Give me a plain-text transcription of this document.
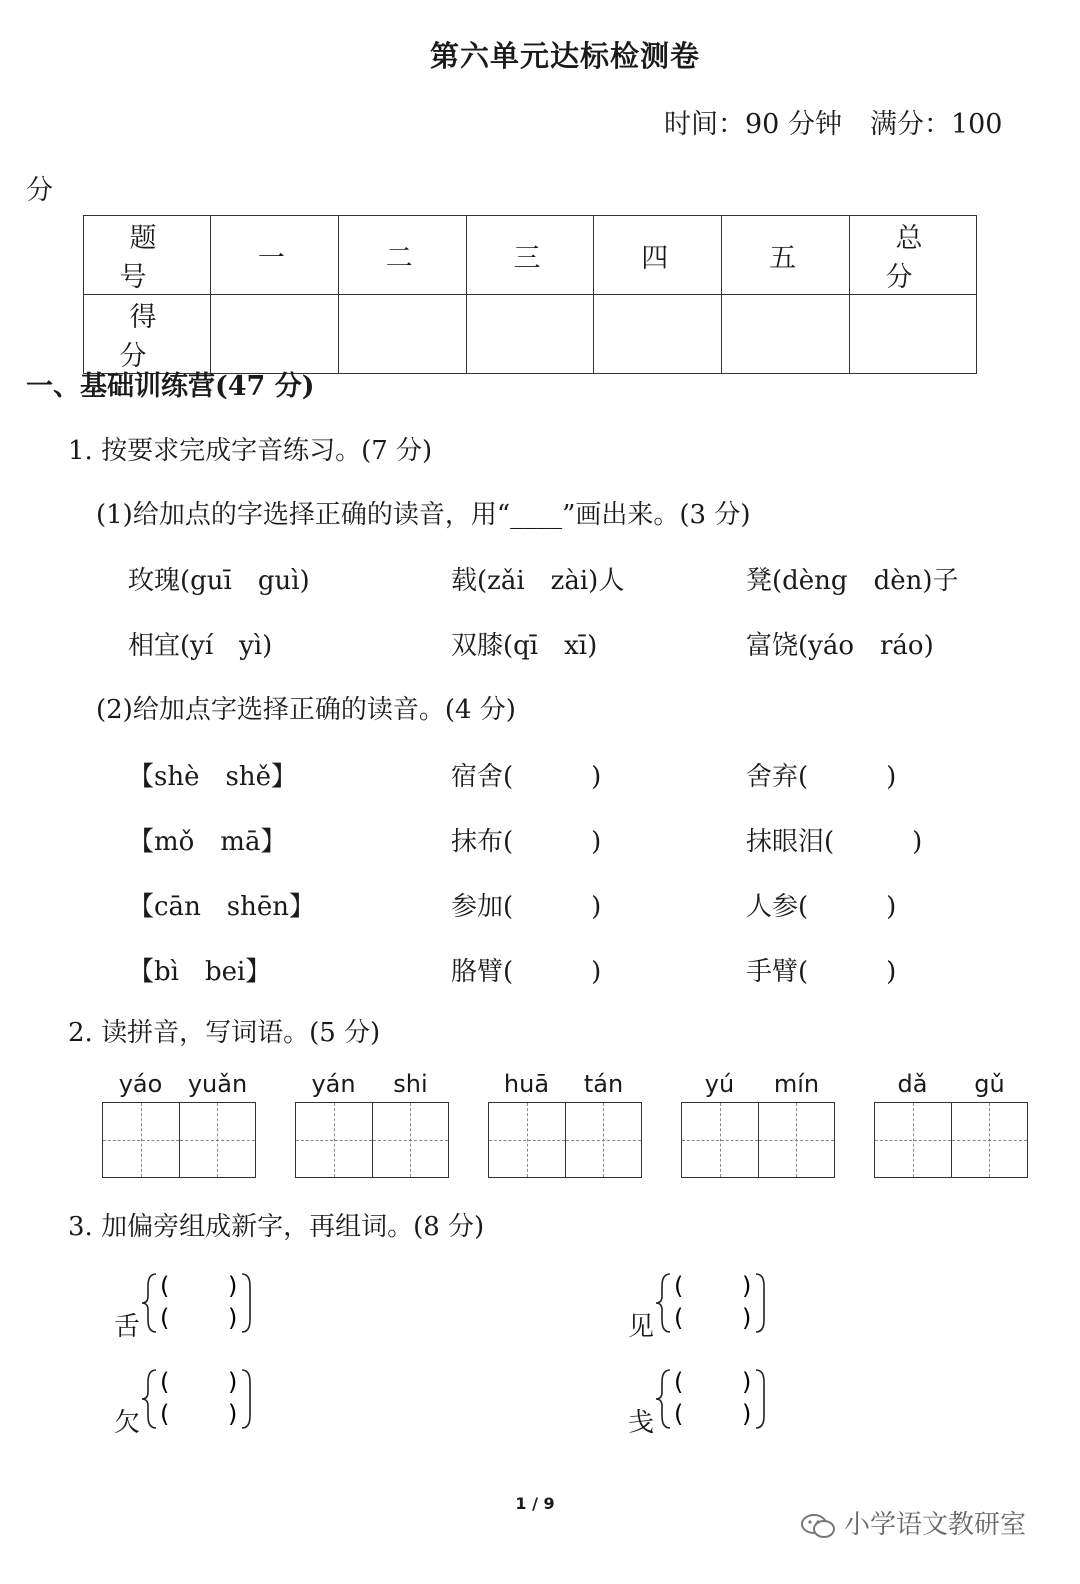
第六单元达标检测卷
时间：90 分钟 满分：100
分
题号	一	二	三	四	五	总分
得分						
一、基础训练营(47 分)
1. 按要求完成字音练习。(7 分)
(1)给加点的字选择正确的读音，用“____”画出来。(3 分)
玫瑰(guī　guì)	载(zǎi　zài)人	凳(dèng　dèn)子
相宜(yí　yì)	双膝(qī　xī)	富饶(yáo　ráo)
(2)给加点字选择正确的读音。(4 分)
【shè　shě】	宿舍(　　　)	舍弃(　　　)
【mǒ　mā】	抹布(　　　)	抹眼泪(　　　)
【cān　shēn】	参加(　　　)	人参(　　　)
【bì　bei】	胳臂(　　　)	手臂(　　　)
2. 读拼音，写词语。(5 分)
yáo	yuǎn	yán	shi	huā	tán	yú	mín	dǎ	gǔ
3. 加偏旁组成新字，再组词。(8 分)
舌
( )
( )	见
( )
( )
欠
( )
( )	戋
( )
( )
1 / 9
小学语文教研室
